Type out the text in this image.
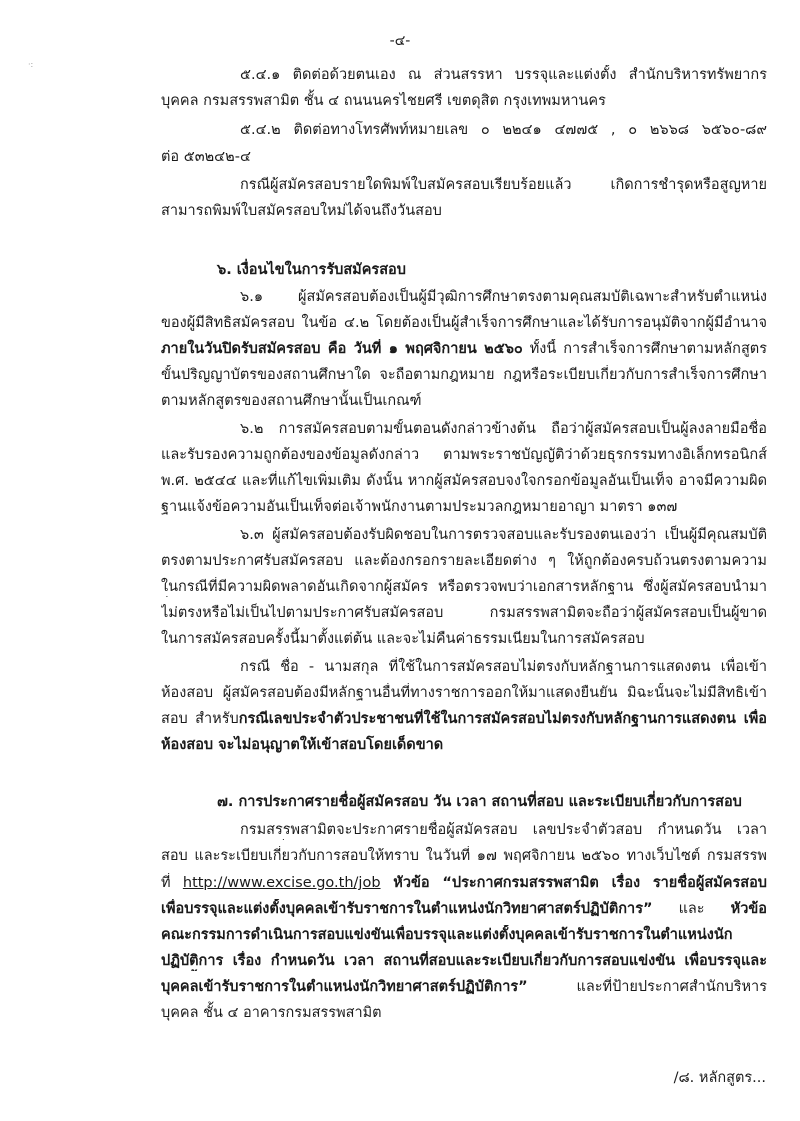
-๔-
·:
๕.๔.๑ ติดต่อด้วยตนเอง ณ ส่วนสรรหา บรรจุและแต่งตั้ง สำนักบริหารทรัพยากร
บุคคล กรมสรรพสามิต ชั้น ๔ ถนนนครไชยศรี เขตดุสิต กรุงเทพมหานคร
๕.๔.๒ ติดต่อทางโทรศัพท์หมายเลข ๐ ๒๒๔๑ ๔๗๗๕ , ๐ ๒๖๖๘ ๖๕๖๐-๘๙
ต่อ ๕๓๒๔๒-๔
กรณีผู้สมัครสอบรายใดพิมพ์ใบสมัครสอบเรียบร้อยแล้ว เกิดการชำรุดหรือสูญหาย
สามารถพิมพ์ใบสมัครสอบใหม่ได้จนถึงวันสอบ
๖. เงื่อนไขในการรับสมัครสอบ
๖.๑ ผู้สมัครสอบต้องเป็นผู้มีวุฒิการศึกษาตรงตามคุณสมบัติเฉพาะสำหรับตำแหน่ง
ของผู้มีสิทธิสมัครสอบ ในข้อ ๔.๒ โดยต้องเป็นผู้สำเร็จการศึกษาและได้รับการอนุมัติจากผู้มีอำนาจ
ภายในวันปิดรับสมัครสอบ คือ วันที่ ๑ พฤศจิกายน ๒๕๖๐ ทั้งนี้ การสำเร็จการศึกษาตามหลักสูตร
ขั้นปริญญาบัตรของสถานศึกษาใด จะถือตามกฎหมาย กฎหรือระเบียบเกี่ยวกับการสำเร็จการศึกษา
ตามหลักสูตรของสถานศึกษานั้นเป็นเกณฑ์
๖.๒ การสมัครสอบตามขั้นตอนดังกล่าวข้างต้น ถือว่าผู้สมัครสอบเป็นผู้ลงลายมือชื่อ
และรับรองความถูกต้องของข้อมูลดังกล่าว ตามพระราชบัญญัติว่าด้วยธุรกรรมทางอิเล็กทรอนิกส์
พ.ศ. ๒๕๔๔ และที่แก้ไขเพิ่มเติม ดังนั้น หากผู้สมัครสอบจงใจกรอกข้อมูลอันเป็นเท็จ อาจมีความผิด
ฐานแจ้งข้อความอันเป็นเท็จต่อเจ้าพนักงานตามประมวลกฎหมายอาญา มาตรา ๑๓๗
๖.๓ ผู้สมัครสอบต้องรับผิดชอบในการตรวจสอบและรับรองตนเองว่า เป็นผู้มีคุณสมบัติ
ตรงตามประกาศรับสมัครสอบ และต้องกรอกรายละเอียดต่าง ๆ ให้ถูกต้องครบถ้วนตรงตามความ
ในกรณีที่มีความผิดพลาดอันเกิดจากผู้สมัคร หรือตรวจพบว่าเอกสารหลักฐาน ซึ่งผู้สมัครสอบนำมา
ไม่ตรงหรือไม่เป็นไปตามประกาศรับสมัครสอบ กรมสรรพสามิตจะถือว่าผู้สมัครสอบเป็นผู้ขาด
ในการสมัครสอบครั้งนี้มาตั้งแต่ต้น และจะไม่คืนค่าธรรมเนียมในการสมัครสอบ
กรณี ชื่อ - นามสกุล ที่ใช้ในการสมัครสอบไม่ตรงกับหลักฐานการแสดงตน เพื่อเข้า
ห้องสอบ ผู้สมัครสอบต้องมีหลักฐานอื่นที่ทางราชการออกให้มาแสดงยืนยัน มิฉะนั้นจะไม่มีสิทธิเข้า
สอบ สำหรับกรณีเลขประจำตัวประชาชนที่ใช้ในการสมัครสอบไม่ตรงกับหลักฐานการแสดงตน เพื่อ
ห้องสอบ จะไม่อนุญาตให้เข้าสอบโดยเด็ดขาด
๗. การประกาศรายชื่อผู้สมัครสอบ วัน เวลา สถานที่สอบ และระเบียบเกี่ยวกับการสอบ
กรมสรรพสามิตจะประกาศรายชื่อผู้สมัครสอบ เลขประจำตัวสอบ กำหนดวัน เวลา
สอบ และระเบียบเกี่ยวกับการสอบให้ทราบ ในวันที่ ๑๗ พฤศจิกายน ๒๕๖๐ ทางเว็บไซต์ กรมสรรพ
ที่ http://www.excise.go.th/job หัวข้อ “ประกาศกรมสรรพสามิต เรื่อง รายชื่อผู้สมัครสอบ
เพื่อบรรจุและแต่งตั้งบุคคลเข้ารับราชการในตำแหน่งนักวิทยาศาสตร์ปฏิบัติการ” และ หัวข้อ
คณะกรรมการดำเนินการสอบแข่งขันเพื่อบรรจุและแต่งตั้งบุคคลเข้ารับราชการในตำแหน่งนัก
ปฏิบัติการ เรื่อง กำหนดวัน เวลา สถานที่สอบและระเบียบเกี่ยวกับการสอบแข่งขัน เพื่อบรรจุและ
บุคคลเข้ารับราชการในตำแหน่งนักวิทยาศาสตร์ปฏิบัติการ”	และที่ป้ายประกาศสำนักบริหาร
บุคคล ชั้น ๔ อาคารกรมสรรพสามิต
/๘. หลักสูตร...
